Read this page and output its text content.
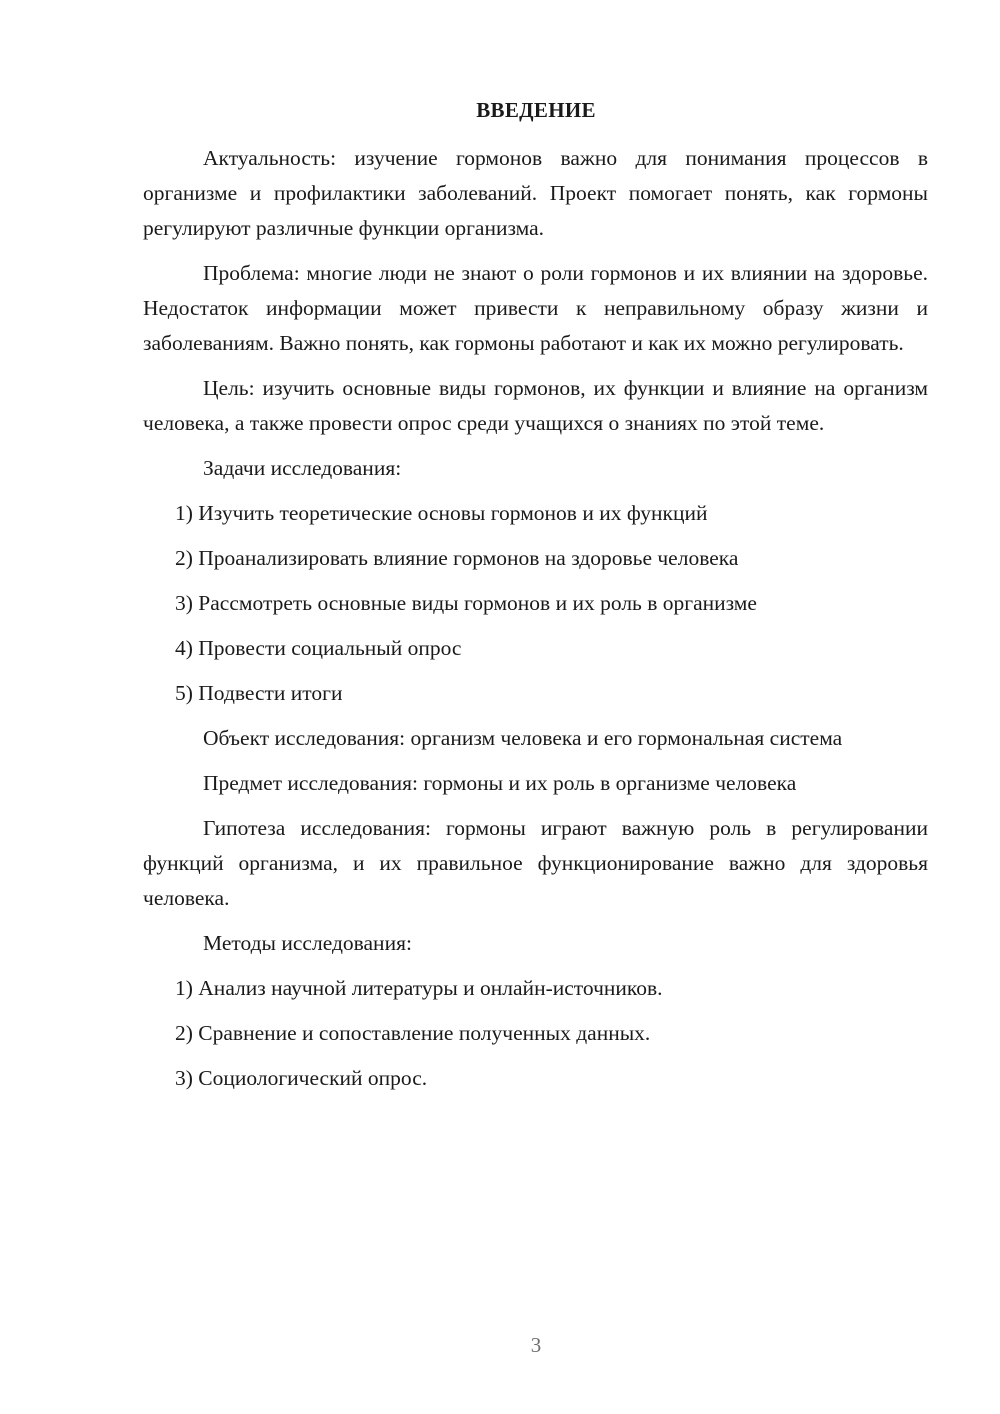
ВВЕДЕНИЕ

Актуальность: изучение гормонов важно для понимания процессов в организме и профилактики заболеваний. Проект помогает понять, как гормоны регулируют различные функции организма.

Проблема: многие люди не знают о роли гормонов и их влиянии на здоровье. Недостаток информации может привести к неправильному образу жизни и заболеваниям. Важно понять, как гормоны работают и как их можно регулировать.

Цель: изучить основные виды гормонов, их функции и влияние на организм человека, а также провести опрос среди учащихся о знаниях по этой теме.

Задачи исследования:

1) Изучить теоретические основы гормонов и их функций

2) Проанализировать влияние гормонов на здоровье человека

3) Рассмотреть основные виды гормонов и их роль в организме

4) Провести социальный опрос

5) Подвести итоги

Объект исследования: организм человека и его гормональная система

Предмет исследования: гормоны и их роль в организме человека

Гипотеза исследования: гормоны играют важную роль в регулировании функций организма, и их правильное функционирование важно для здоровья человека.

Методы исследования:

1) Анализ научной литературы и онлайн-источников.

2) Сравнение и сопоставление полученных данных.

3) Социологический опрос.

3
